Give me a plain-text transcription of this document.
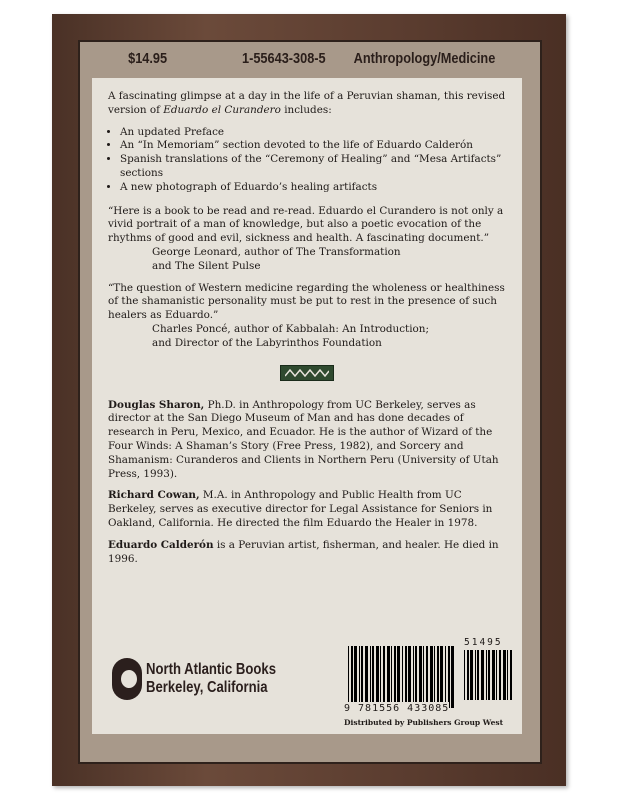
$14.95	1-55643-308-5 Anthropology/Medicine

A fascinating glimpse at a day in the life of a Peruvian shaman, this revised version of Eduardo el Curandero includes:

• An updated Preface
• An “In Memoriam” section devoted to the life of Eduardo Calderón
• Spanish translations of the “Ceremony of Healing” and “Mesa Artifacts” sections
• A new photograph of Eduardo’s healing artifacts

“Here is a book to be read and re-read. Eduardo el Curandero is not only a vivid portrait of a man of knowledge, but also a poetic evocation of the rhythms of good and evil, sickness and health. A fascinating document.”

George Leonard, author of The Transformation
and The Silent Pulse

“The question of Western medicine regarding the wholeness or healthiness of the shamanistic personality must be put to rest in the presence of such healers as Eduardo.”

Charles Poncé, author of Kabbalah: An Introduction;
and Director of the Labyrinthos Foundation

Douglas Sharon, Ph.D. in Anthropology from UC Berkeley, serves as director at the San Diego Museum of Man and has done decades of research in Peru, Mexico, and Ecuador. He is the author of Wizard of the Four Winds: A Shaman’s Story (Free Press, 1982), and Sorcery and Shamanism: Curanderos and Clients in Northern Peru (University of Utah Press, 1993).

Richard Cowan, M.A. in Anthropology and Public Health from UC Berkeley, serves as executive director for Legal Assistance for Seniors in Oakland, California. He directed the film Eduardo the Healer in 1978.

Eduardo Calderón is a Peruvian artist, fisherman, and healer. He died in 1996.

North Atlantic Books
Berkeley, California
51495
9 781556 433085
Distributed by Publishers Group West
